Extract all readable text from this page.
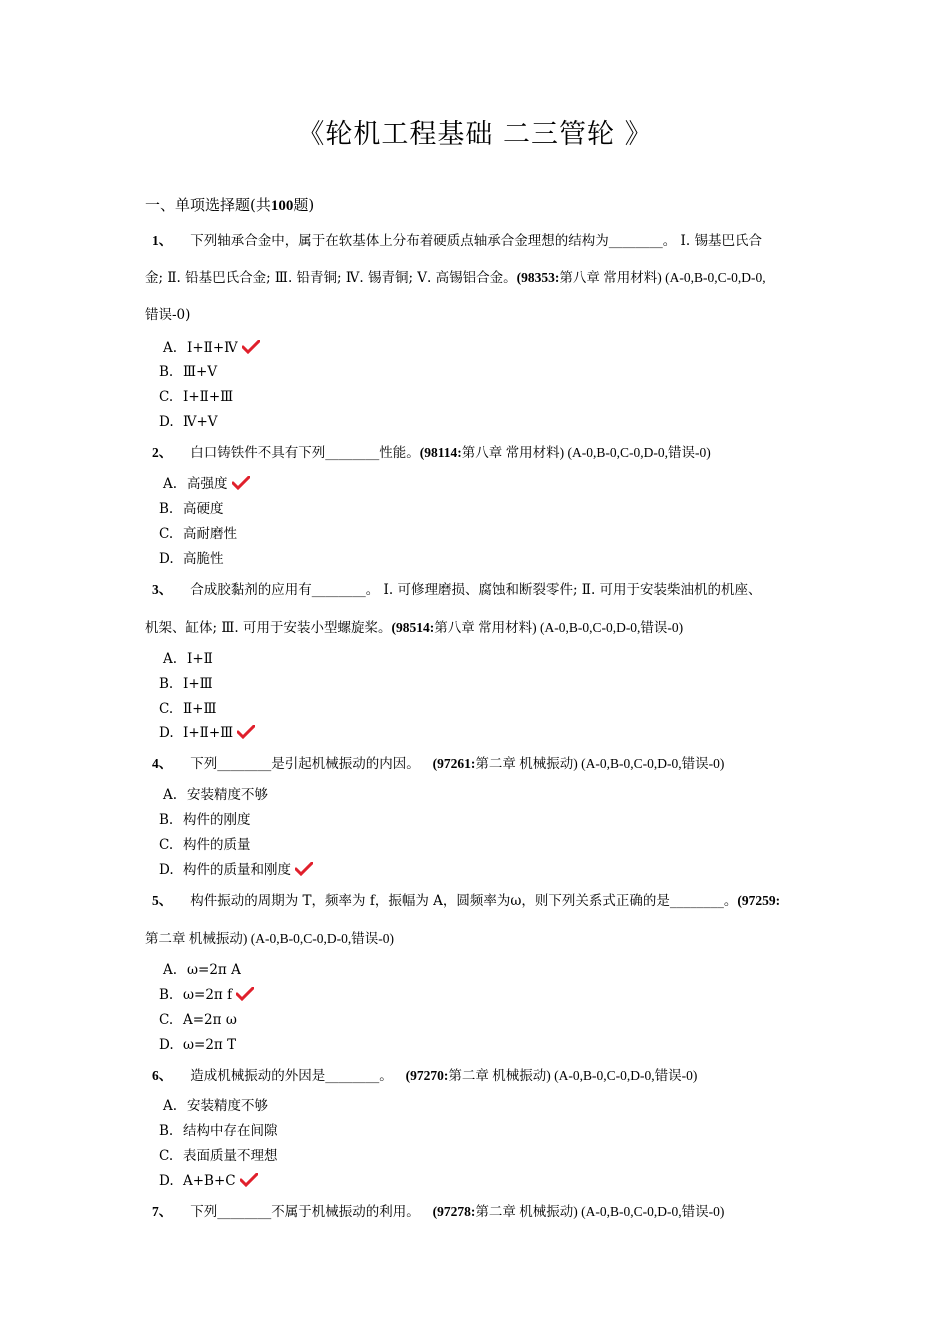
《轮机工程基础 二三管轮 》
一、单项选择题(共100题)
1、 下列轴承合金中，属于在软基体上分布着硬质点轴承合金理想的结构为________。 Ⅰ. 锡基巴氏合
金; Ⅱ. 铅基巴氏合金; Ⅲ. 铅青铜; Ⅳ. 锡青铜; Ⅴ. 高锡铝合金。(98353:第八章 常用材料) (A-0,B-0,C-0,D-0,
错误-0)
A. Ⅰ+Ⅱ+Ⅳ
B. Ⅲ+Ⅴ
C. Ⅰ+Ⅱ+Ⅲ
D. Ⅳ+Ⅴ
2、 白口铸铁件不具有下列________性能。(98114:第八章 常用材料) (A-0,B-0,C-0,D-0,错误-0)
A. 高强度
B. 高硬度
C. 高耐磨性
D. 高脆性
3、 合成胶黏剂的应用有________。 Ⅰ. 可修理磨损、腐蚀和断裂零件; Ⅱ. 可用于安装柴油机的机座、
机架、缸体; Ⅲ. 可用于安装小型螺旋桨。(98514:第八章 常用材料) (A-0,B-0,C-0,D-0,错误-0)
A. Ⅰ+Ⅱ
B. Ⅰ+Ⅲ
C. Ⅱ+Ⅲ
D. Ⅰ+Ⅱ+Ⅲ
4、 下列________是引起机械振动的内因。 (97261:第二章 机械振动) (A-0,B-0,C-0,D-0,错误-0)
A. 安装精度不够
B. 构件的刚度
C. 构件的质量
D. 构件的质量和刚度
5、 构件振动的周期为 T，频率为 f，振幅为 A，圆频率为ω，则下列关系式正确的是________。(97259:
第二章 机械振动) (A-0,B-0,C-0,D-0,错误-0)
A. ω=2π A
B. ω=2π f
C. A=2π ω
D. ω=2π T
6、 造成机械振动的外因是________。 (97270:第二章 机械振动) (A-0,B-0,C-0,D-0,错误-0)
A. 安装精度不够
B. 结构中存在间隙
C. 表面质量不理想
D. A+B+C
7、 下列________不属于机械振动的利用。 (97278:第二章 机械振动) (A-0,B-0,C-0,D-0,错误-0)
